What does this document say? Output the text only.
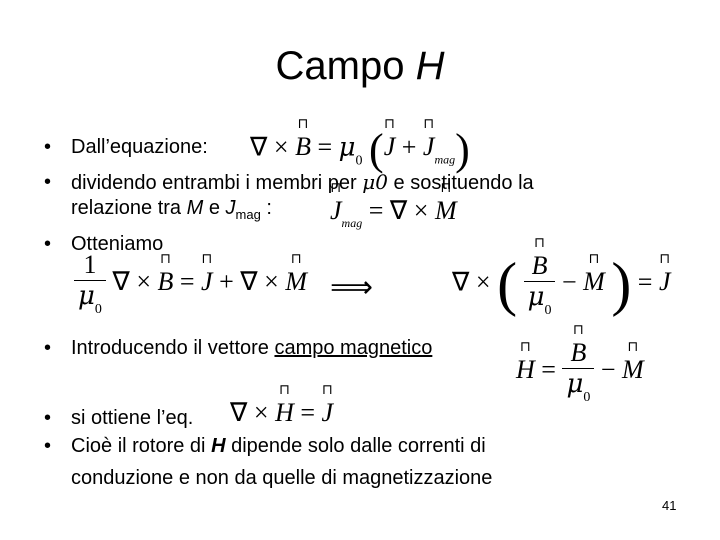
Campo H
• Dall’equazione: ∇ × ⊓ $B = \mu_0$ (⊓ J + ⊓ $J_{mag}$)
• dividendo entrambi i membri per μ0 e sostituendo la
relazione tra M e $J_{mag}$ : ⊓ $J_{mag}$ = ∇ × ⊓ M
• Otteniamo
$\frac{1}{\mu_0}$ ∇ × ⊓ B = ⊓ J + ∇ × ⊓ M ⟹	∇ × ( ⊓ $\frac{B}{\mu_0}$ − ⊓ M ) = ⊓ J
• Introducendo il vettore campo magnetico
⊓ H = ⊓ $\frac{B}{\mu_0}$ − ⊓ M
• si ottiene l’eq. ∇ × ⊓ H = ⊓ J
• Cioè il rotore di H dipende solo dalle correnti di
conduzione e non da quelle di magnetizzazione
41
